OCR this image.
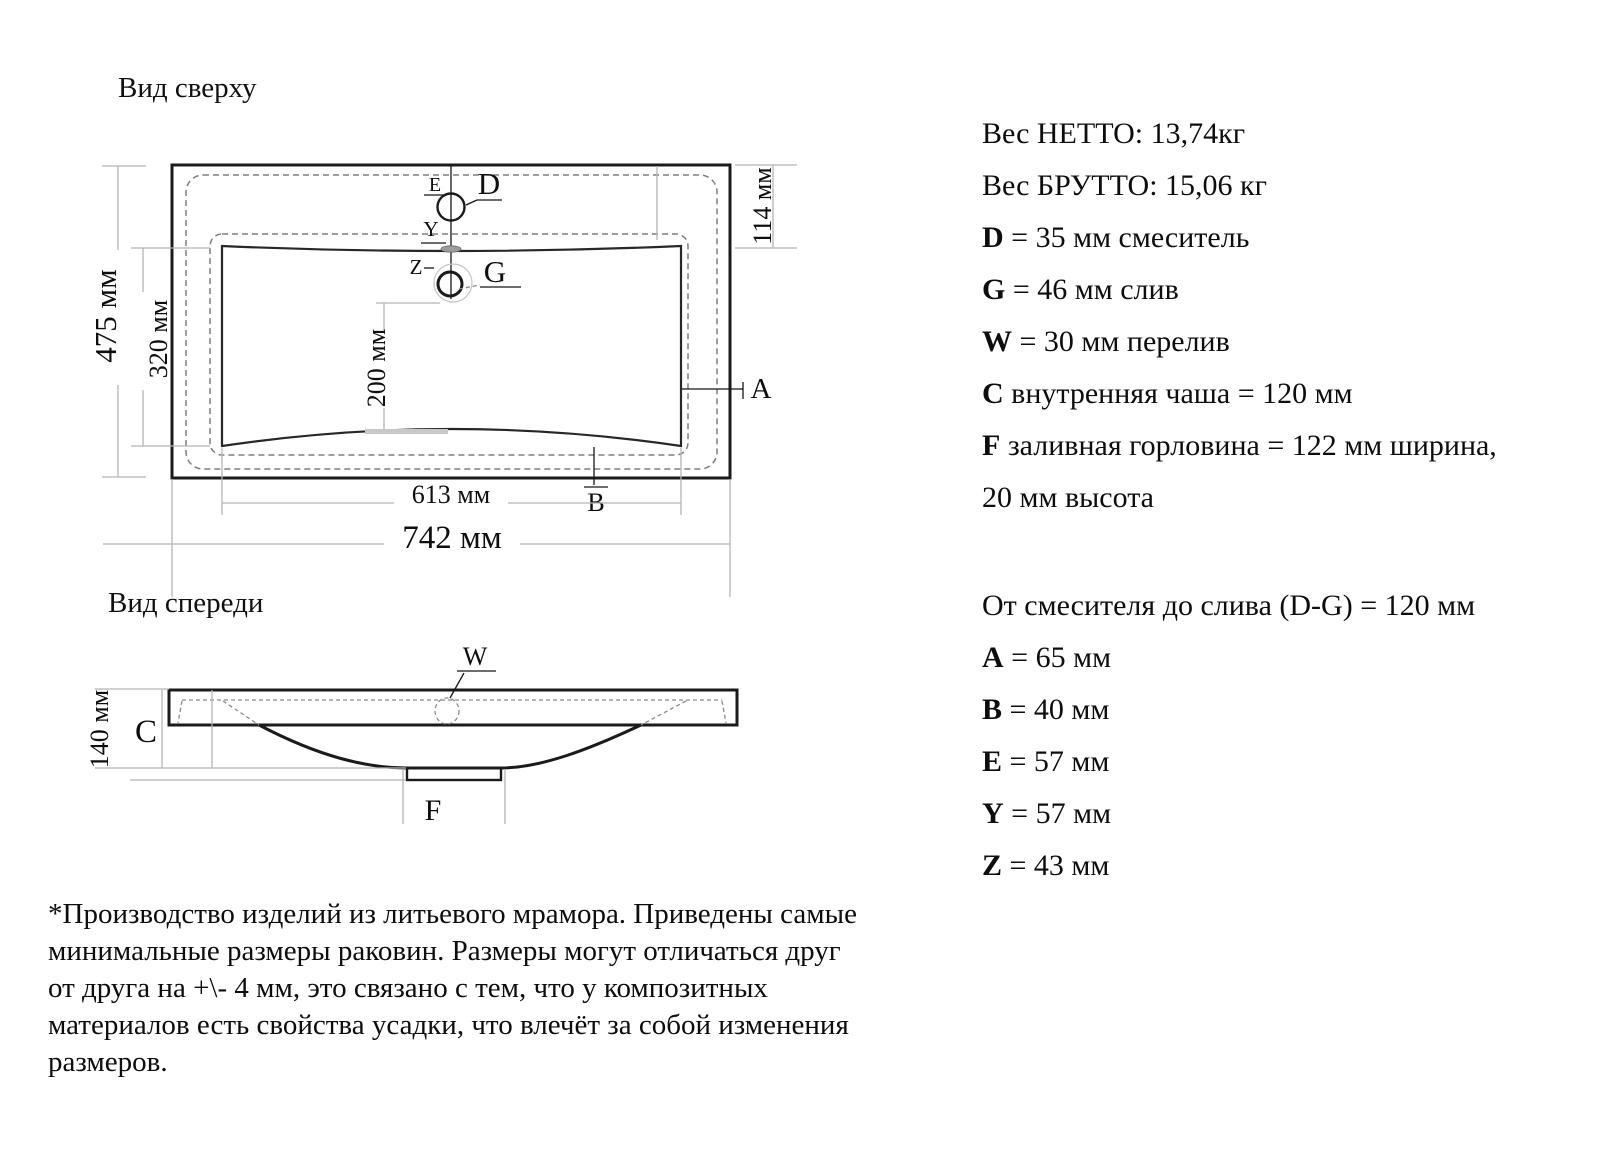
E D
Y
Z G
A
B
475 мм 320 мм	200 мм
114 мм
613 мм
742 мм
W
C
F
140 мм
Вид сверху
Вид спереди
Вес НЕТТО: 13,74кг
Вес БРУТТО: 15,06 кг
D = 35 мм смеситель
G = 46 мм слив
W = 30 мм перелив
C внутренняя чаша = 120 мм
F заливная горловина = 122 мм ширина,
20 мм высота
От смесителя до слива (D-G) = 120 мм
A = 65 мм
B = 40 мм
E = 57 мм
Y = 57 мм
Z = 43 мм
*Производство изделий из литьевого мрамора. Приведены самые
минимальные размеры раковин. Размеры могут отличаться друг
от друга на +\- 4 мм, это связано с тем, что у композитных
материалов есть свойства усадки, что влечёт за собой изменения
размеров.
